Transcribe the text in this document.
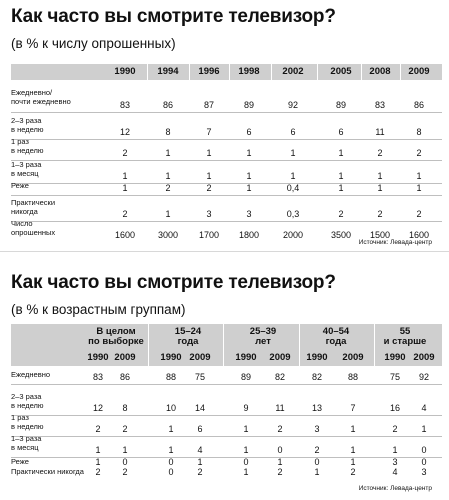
Как часто вы смотрите телевизор?
(в % к числу опрошенных)
1990	1994	1996	1998	2002	2005	2008	2009
Ежедневно/
почти ежедневно	83	86	87	89	92	89	83	86
2–3 раза
в неделю	12	8	7	6	6	6	11	8
1 раз
в неделю	2	1	1	1	1	1	2	2
1–3 раза
в месяц	1	1	1	1	1	1	1	1
Реже	1	2	2	1	0,4	1	1	1
Практически
никогда	2	1	3	3	0,3	2	2	2
Число
опрошенных	1600	3000	1700	1800	2000	3500	1500	1600
Источник: Левада-центр
Как часто вы смотрите телевизор?
(в % к возрастным группам)
В целом
по выборке
1990 2009
15–24
года
1990 2009
25–39
лет
1990	2009
40–54
года
1990	2009
55
и старше
1990 2009
Ежедневно	83	86	88	75	89	82	82	88	75	92
2–3 раза
в неделю	12	8	10	14	9	11	13	7	16	4
1 раз
в неделю	2	2	1	6	1	2	3	1	2	1
1–3 раза
в месяц	1	1	1	4	1	0	2	1	1	0
Реже	1	0	0	1	0	1	0	1	3	0
Практически никогда	2	2	0	2	1	2	1	2	4	3
Источник: Левада-центр
